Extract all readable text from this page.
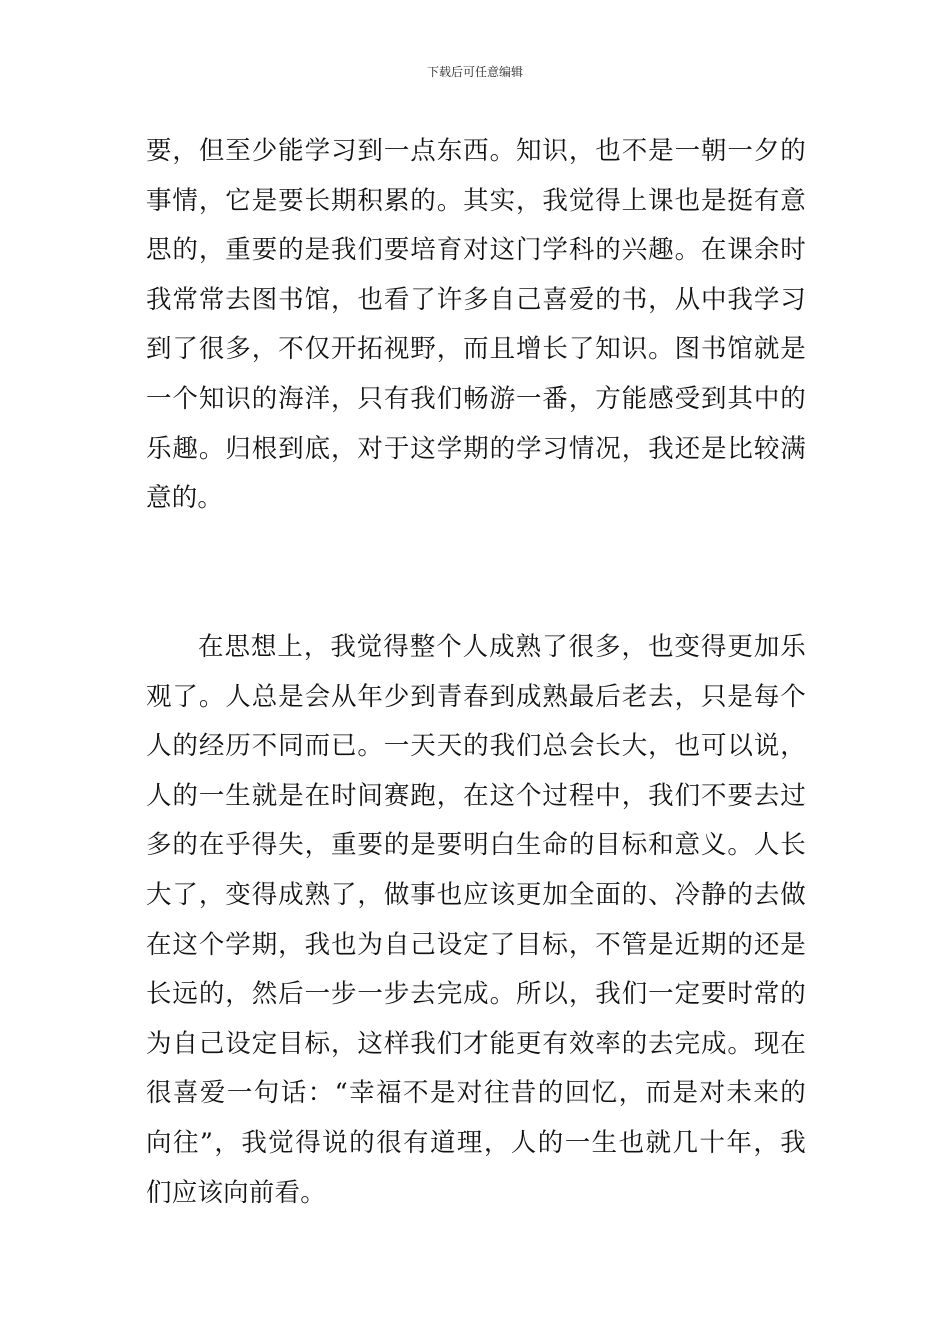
下载后可任意编辑
要，但至少能学习到一点东西。知识，也不是一朝一夕的
事情，它是要长期积累的。其实，我觉得上课也是挺有意
思的，重要的是我们要培育对这门学科的兴趣。在课余时
我常常去图书馆，也看了许多自己喜爱的书，从中我学习
到了很多，不仅开拓视野，而且增长了知识。图书馆就是
一个知识的海洋，只有我们畅游一番，方能感受到其中的
乐趣。归根到底，对于这学期的学习情况，我还是比较满
意的。
在思想上，我觉得整个人成熟了很多，也变得更加乐
观了。人总是会从年少到青春到成熟最后老去，只是每个
人的经历不同而已。一天天的我们总会长大，也可以说，
人的一生就是在时间赛跑，在这个过程中，我们不要去过
多的在乎得失，重要的是要明白生命的目标和意义。人长
大了，变得成熟了，做事也应该更加全面的、冷静的去做
在这个学期，我也为自己设定了目标，不管是近期的还是
长远的，然后一步一步去完成。所以，我们一定要时常的
为自己设定目标，这样我们才能更有效率的去完成。现在
很喜爱一句话：“幸福不是对往昔的回忆，而是对未来的
向往”，我觉得说的很有道理，人的一生也就几十年，我
们应该向前看。
